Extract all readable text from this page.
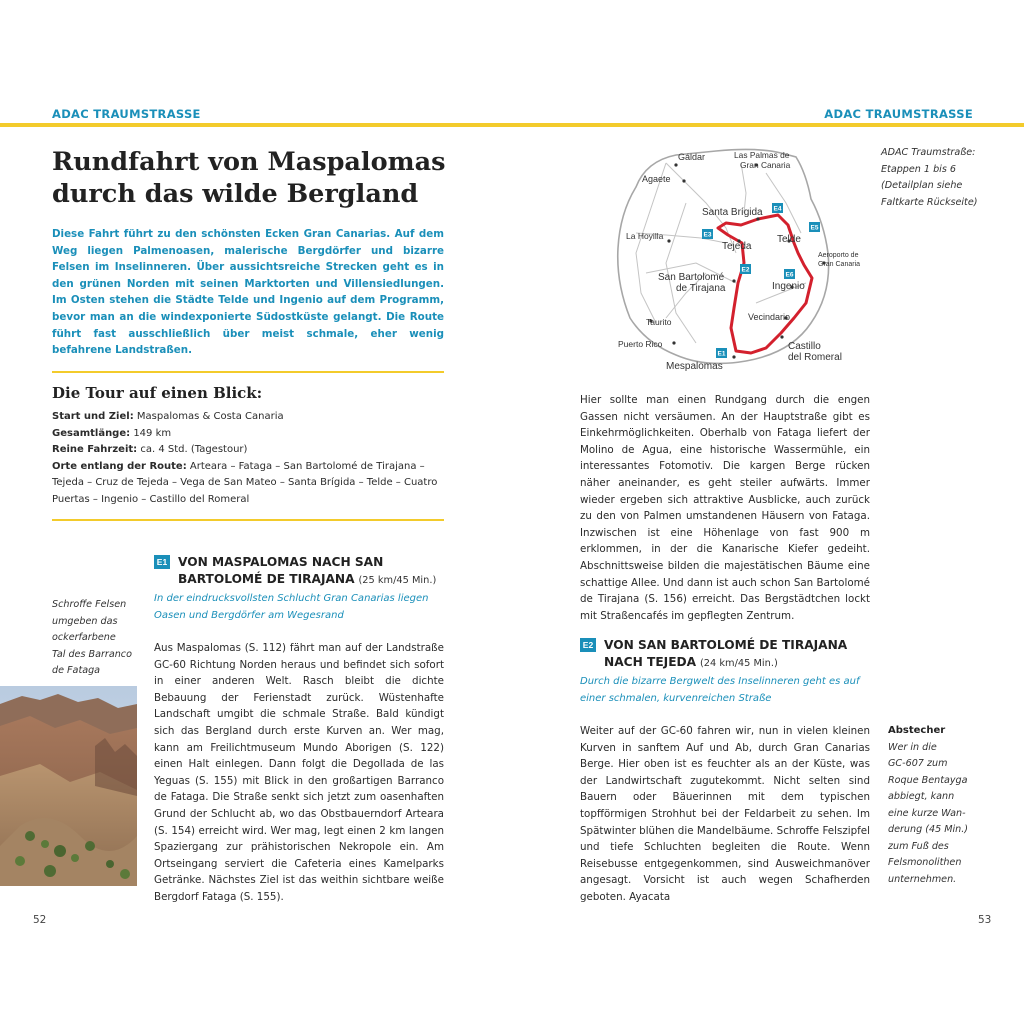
ADAC TRAUMSTRASSE	ADAC TRAUMSTRASSE
Rundfahrt von Maspalomas
durch das wilde Bergland

Diese Fahrt führt zu den schönsten Ecken Gran Canarias. Auf dem Weg liegen Palmenoasen, malerische Bergdörfer und bizarre Felsen im Inselinneren. Über aussichtsreiche Strecken geht es in den grünen Norden mit seinen Marktorten und Villensiedlungen. Im Osten stehen die Städte Telde und Ingenio auf dem Programm, bevor man an die windexponierte Südostküste gelangt. Die Route führt fast ausschließlich über meist schmale, eher wenig befahrene Landstraßen.

Die Tour auf einen Blick:
Start und Ziel: Maspalomas & Costa Canaria
Gesamtlänge: 149 km
Reine Fahrzeit: ca. 4 Std. (Tagestour)
Orte entlang der Route: Arteara – Fataga – San Bartolomé de Tirajana – Tejeda – Cruz de Tejeda – Vega de San Mateo – Santa Brígida – Telde – Cuatro Puertas – Ingenio – Castillo del Romeral
E1 VON MASPALOMAS NACH SAN
BARTOLOMÉ DE TIRAJANA (25 km/45 Min.)
In der eindrucksvollsten Schlucht Gran Canarias liegen Oasen und Bergdörfer am Wegesrand

Aus Maspalomas (S. 112) fährt man auf der Landstraße GC-60 Richtung Norden heraus und befindet sich sofort in einer anderen Welt. Rasch bleibt die dichte Bebauung der Ferienstadt zurück. Wüstenhafte Landschaft umgibt die schmale Straße. Bald kündigt sich das Bergland durch erste Kurven an. Wer mag, kann am Freilichtmuseum Mundo Aborigen (S. 122) einen Halt einlegen. Dann folgt die Degollada de las Yeguas (S. 155) mit Blick in den großartigen Barranco de Fataga. Die Straße senkt sich jetzt zum oasenhaften Grund der Schlucht ab, wo das Obstbauerndorf Arteara (S. 154) erreicht wird. Wer mag, legt einen 2 km langen Spaziergang zur prähistorischen Nekropole ein. Am Ortseingang serviert die Cafeteria eines Kamelparks Getränke. Nächstes Ziel ist das weithin sichtbare weiße Bergdorf Fataga (S. 155).

Schroffe Felsen
umgeben das
ockerfarbene
Tal des Barranco
de Fataga
Gáldar	Las Palmas de
Gran Canaria
Agaete
Santa Brígida
La Hoyilla
Tejeda
Telde
Aeroporto de
Gran Canaria
San Bartolomé
de Tirajana	Ingenio
Taurito	Vecindario
Puerto Rico	Castillo
del Romeral
Mespalomas
E1
E2
E3
E4
E5
E6
ADAC Traumstraße:
Etappen 1 bis 6
(Detailplan siehe
Faltkarte Rückseite)

Hier sollte man einen Rundgang durch die engen Gassen nicht versäumen. An der Hauptstraße gibt es Einkehrmöglichkeiten. Oberhalb von Fataga liefert der Molino de Agua, eine historische Wassermühle, ein interessantes Fotomotiv. Die kargen Berge rücken näher aneinander, es geht steiler aufwärts. Immer wieder ergeben sich attraktive Ausblicke, auch zurück zu den von Palmen umstandenen Häusern von Fataga. Inzwischen ist eine Höhenlage von fast 900 m erklommen, in der die Kanarische Kiefer gedeiht. Abschnittsweise bilden die majestätischen Bäume eine schattige Allee. Und dann ist auch schon San Bartolomé de Tirajana (S. 156) erreicht. Das Bergstädtchen lockt mit Straßencafés im gepflegten Zentrum.

E2 VON SAN BARTOLOMÉ DE TIRAJANA
NACH TEJEDA (24 km/45 Min.)
Durch die bizarre Bergwelt des Inselinneren geht es auf einer schmalen, kurvenreichen Straße

Weiter auf der GC-60 fahren wir, nun in vielen kleinen Kurven in sanftem Auf und Ab, durch Gran Canarias Berge. Hier oben ist es feuchter als an der Küste, was der Landwirtschaft zugutekommt. Nicht selten sind Bauern oder Bäuerinnen mit dem typischen topfförmigen Strohhut bei der Feldarbeit zu sehen. Im Spätwinter blühen die Mandelbäume. Schroffe Felszipfel und tiefe Schluchten begleiten die Route. Wenn Reisebusse entgegenkommen, sind Ausweichmanöver angesagt. Vorsicht ist auch wegen Schafherden geboten. Ayacata

Abstecher
Wer in die
GC-607 zum
Roque Bentayga
abbiegt, kann
eine kurze Wan-
derung (45 Min.)
zum Fuß des
Felsmonolithen
unternehmen.
52	53
